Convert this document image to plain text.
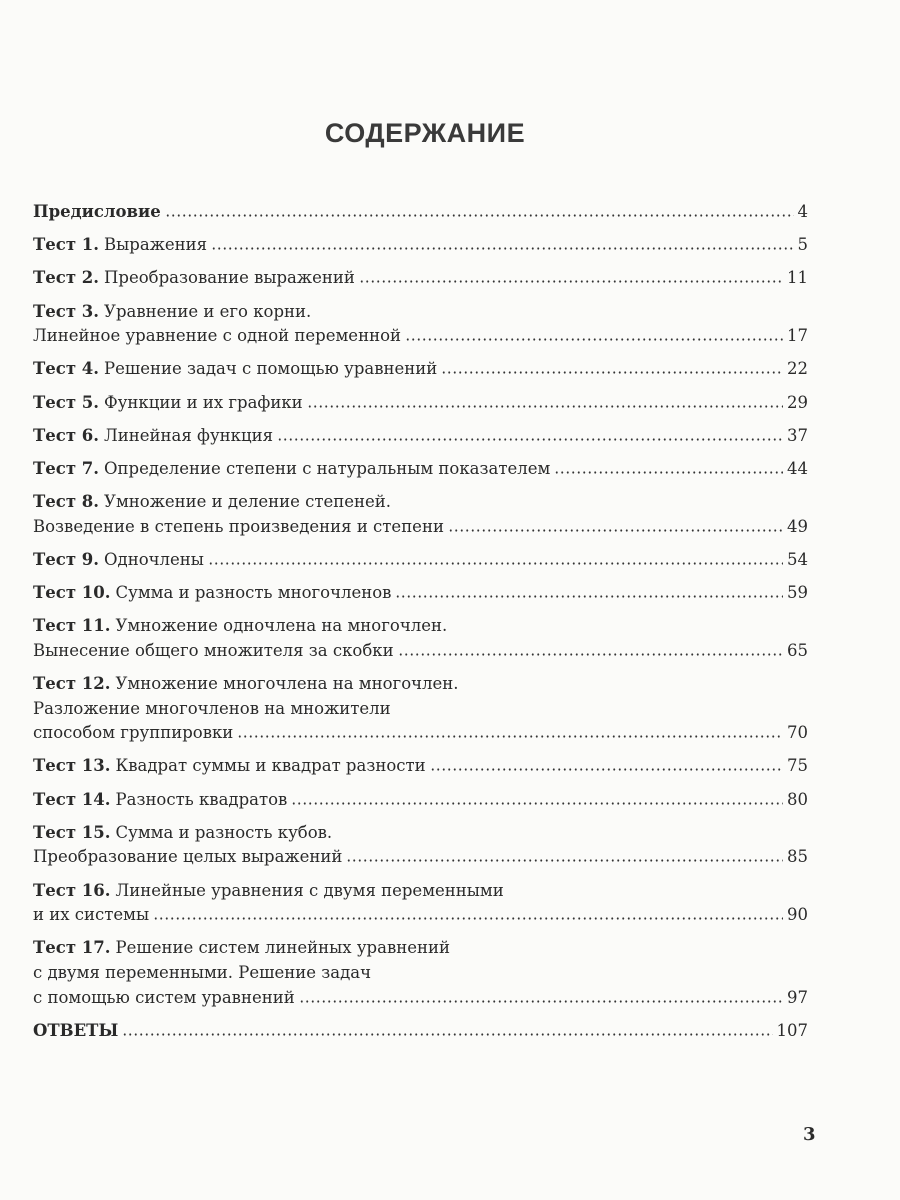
СОДЕРЖАНИЕ
Предисловие	4
Тест 1. Выражения	5
Тест 2. Преобразование выражений	11
Тест 3. Уравнение и его корни.
Линейное уравнение с одной переменной	17
Тест 4. Решение задач с помощью уравнений	22
Тест 5. Функции и их графики	29
Тест 6. Линейная функция	37
Тест 7. Определение степени с натуральным показателем	44
Тест 8. Умножение и деление степеней.
Возведение в степень произведения и степени	49
Тест 9. Одночлены	54
Тест 10. Сумма и разность многочленов	59
Тест 11. Умножение одночлена на многочлен.
Вынесение общего множителя за скобки	65
Тест 12. Умножение многочлена на многочлен.
Разложение многочленов на множители
способом группировки	70
Тест 13. Квадрат суммы и квадрат разности	75
Тест 14. Разность квадратов	80
Тест 15. Сумма и разность кубов.
Преобразование целых выражений	85
Тест 16. Линейные уравнения с двумя переменными
и их системы	90
Тест 17. Решение систем линейных уравнений
с двумя переменными. Решение задач
с помощью систем уравнений	97
ОТВЕТЫ	107
3
